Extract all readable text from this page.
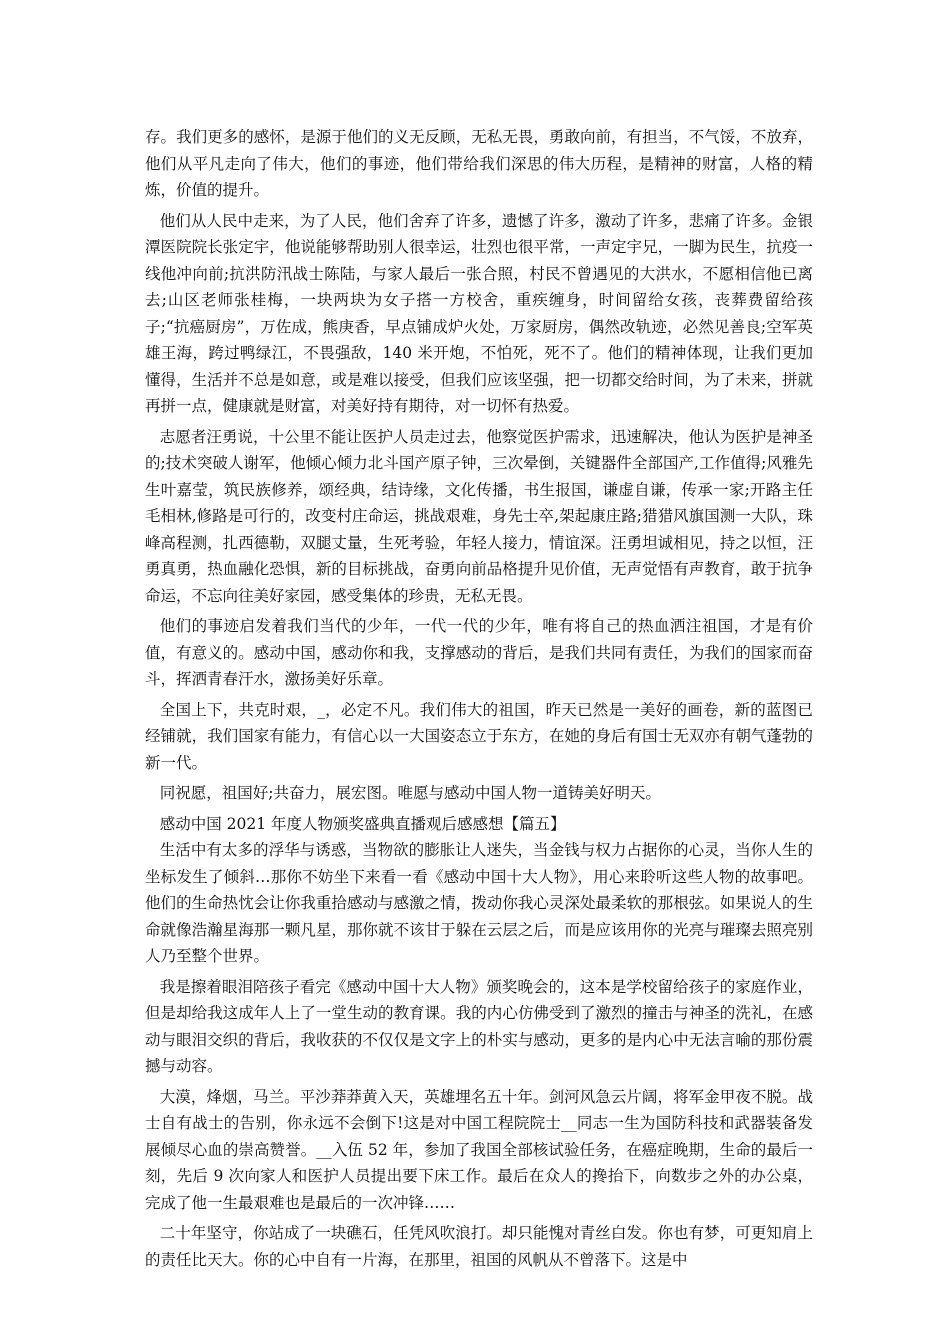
存。我们更多的感怀，是源于他们的义无反顾，无私无畏，勇敢向前，有担当，不气馁，不放弃，他们从平凡走向了伟大，他们的事迹，他们带给我们深思的伟大历程，是精神的财富，人格的精炼，价值的提升。

他们从人民中走来，为了人民，他们舍弃了许多，遗憾了许多，激动了许多，悲痛了许多。金银潭医院院长张定宇，他说能够帮助别人很幸运，壮烈也很平常，一声定宇兄，一脚为民生，抗疫一线他冲向前;抗洪防汛战士陈陆，与家人最后一张合照，村民不曾遇见的大洪水，不愿相信他已离去;山区老师张桂梅，一块两块为女子搭一方校舍，重疾缠身，时间留给女孩，丧葬费留给孩子;“抗癌厨房”，万佐成，熊庚香，早点铺成炉火处，万家厨房，偶然改轨迹，必然见善良;空军英雄王海，跨过鸭绿江，不畏强敌，140 米开炮，不怕死，死不了。他们的精神体现，让我们更加懂得，生活并不总是如意，或是难以接受，但我们应该坚强，把一切都交给时间，为了未来，拼就再拼一点，健康就是财富，对美好持有期待，对一切怀有热爱。

志愿者汪勇说，十公里不能让医护人员走过去，他察觉医护需求，迅速解决，他认为医护是神圣的;技术突破人谢军，他倾心倾力北斗国产原子钟，三次晕倒，关键器件全部国产,工作值得;风雅先生叶嘉莹，筑民族修养，颂经典，结诗缘，文化传播，书生报国，谦虚自谦，传承一家;开路主任毛相林,修路是可行的，改变村庄命运，挑战艰难，身先士卒,架起康庄路;猎猎风旗国测一大队，珠峰高程测，扎西德勒，双腿丈量，生死考验，年轻人接力，情谊深。汪勇坦诚相见，持之以恒，汪勇真勇，热血融化恐惧，新的目标挑战，奋勇向前品格提升见价值，无声觉悟有声教育，敢于抗争命运，不忘向往美好家园，感受集体的珍贵，无私无畏。

他们的事迹启发着我们当代的少年，一代一代的少年，唯有将自己的热血洒注祖国，才是有价值，有意义的。感动中国，感动你和我，支撑感动的背后，是我们共同有责任，为我们的国家而奋斗，挥洒青春汗水，激扬美好乐章。

全国上下，共克时艰，_，必定不凡。我们伟大的祖国，昨天已然是一美好的画卷，新的蓝图已经铺就，我们国家有能力，有信心以一大国姿态立于东方，在她的身后有国士无双亦有朝气蓬勃的新一代。

同祝愿，祖国好;共奋力，展宏图。唯愿与感动中国人物一道铸美好明天。

感动中国 2021 年度人物颁奖盛典直播观后感感想【篇五】

生活中有太多的浮华与诱惑，当物欲的膨胀让人迷失，当金钱与权力占据你的心灵，当你人生的坐标发生了倾斜…那你不妨坐下来看一看《感动中国十大人物》，用心来聆听这些人物的故事吧。他们的生命热忱会让你我重拾感动与感激之情，拨动你我心灵深处最柔软的那根弦。如果说人的生命就像浩瀚星海那一颗凡星，那你就不该甘于躲在云层之后，而是应该用你的光亮与璀璨去照亮别人乃至整个世界。

我是擦着眼泪陪孩子看完《感动中国十大人物》颁奖晚会的，这本是学校留给孩子的家庭作业，但是却给我这成年人上了一堂生动的教育课。我的内心仿佛受到了激烈的撞击与神圣的洗礼，在感动与眼泪交织的背后，我收获的不仅仅是文字上的朴实与感动，更多的是内心中无法言喻的那份震撼与动容。

大漠，烽烟，马兰。平沙莽莽黄入天，英雄埋名五十年。剑河风急云片阔，将军金甲夜不脱。战士自有战士的告别，你永远不会倒下!这是对中国工程院院士__同志一生为国防科技和武器装备发展倾尽心血的崇高赞誉。__入伍 52 年，参加了我国全部核试验任务，在癌症晚期，生命的最后一刻，先后 9 次向家人和医护人员提出要下床工作。最后在众人的搀抬下，向数步之外的办公桌，完成了他一生最艰难也是最后的一次冲锋……

二十年坚守，你站成了一块礁石，任凭风吹浪打。却只能愧对青丝白发。你也有梦，可更知肩上的责任比天大。你的心中自有一片海，在那里，祖国的风帆从不曾落下。这是中
